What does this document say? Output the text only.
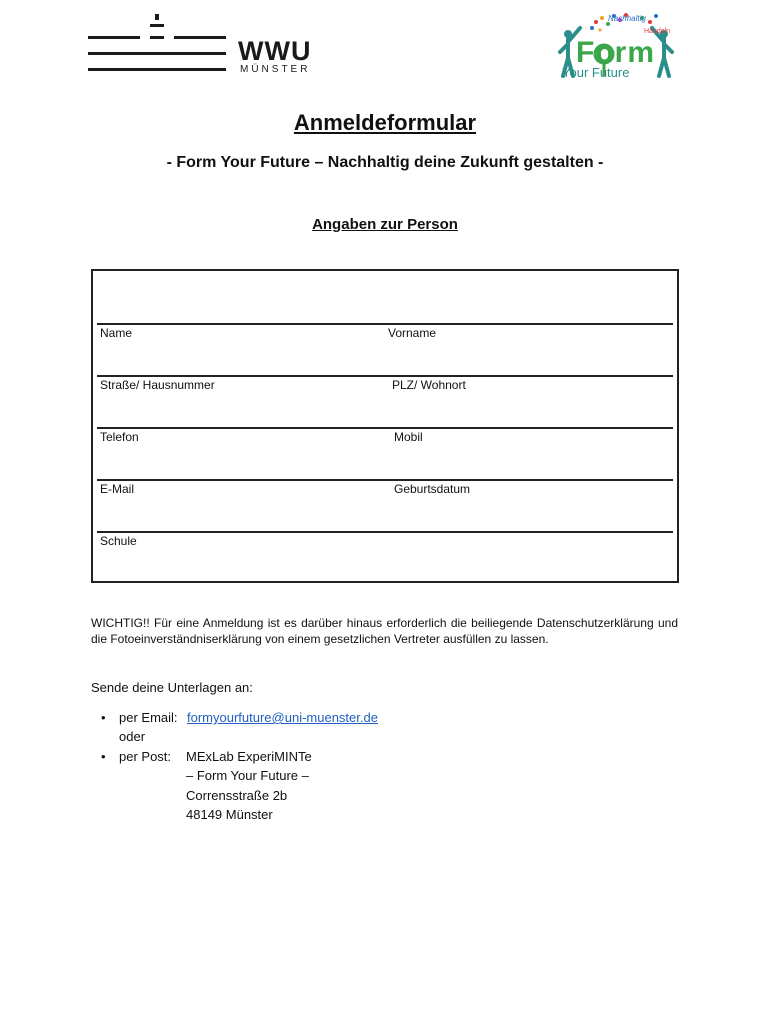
WWU
MÜNSTER
Nachhaltig
Handeln
Form
Your Future
Anmeldeformular
- Form Your Future – Nachhaltig deine Zukunft gestalten -
Angaben zur Person
Name	Vorname
Straße/ Hausnummer	PLZ/ Wohnort
Telefon	Mobil
E-Mail	Geburtsdatum
Schule
WICHTIG!! Für eine Anmeldung ist es darüber hinaus erforderlich die beiliegende Datenschutzerklärung und die Fotoeinverständniserklärung von einem gesetzlichen Vertreter ausfüllen zu lassen.
Sende deine Unterlagen an:
• per Email: formyourfuture@uni-muenster.de
oder
• per Post: MExLab ExperiMINTe
– Form Your Future –
Corrensstraße 2b
48149 Münster
